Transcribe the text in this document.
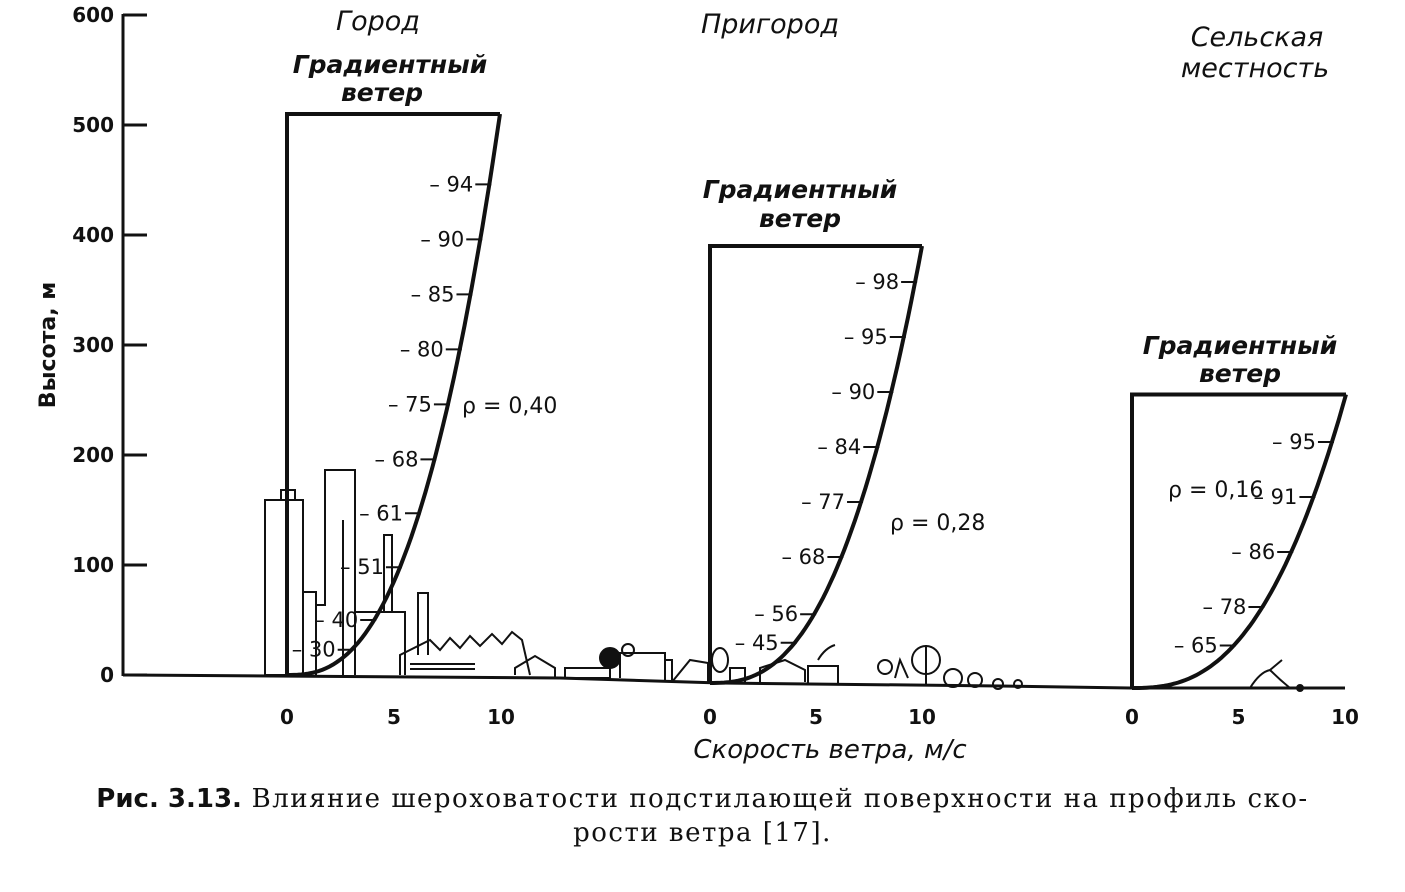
0
100
200
300
400
500
600
Высота, м
– 30
– 40
– 51
– 61
– 68
– 75
– 80
– 85
– 90
– 94
0	5	10
– 45
– 56
– 68
– 77
– 84
– 90
– 95
– 98
0	5	10
– 65
– 78
– 86
– 91
– 95
0	5	10
Город	Пригород	Сельская
местность
Градиентный
ветер
Градиентный
ветер
Градиентный
ветер
ρ = 0,40
ρ = 0,28
ρ = 0,16
Скорость ветра, м/с
Рис. 3.13. Влияние шероховатости подстилающей поверхности на профиль ско-
рости ветра [17].
